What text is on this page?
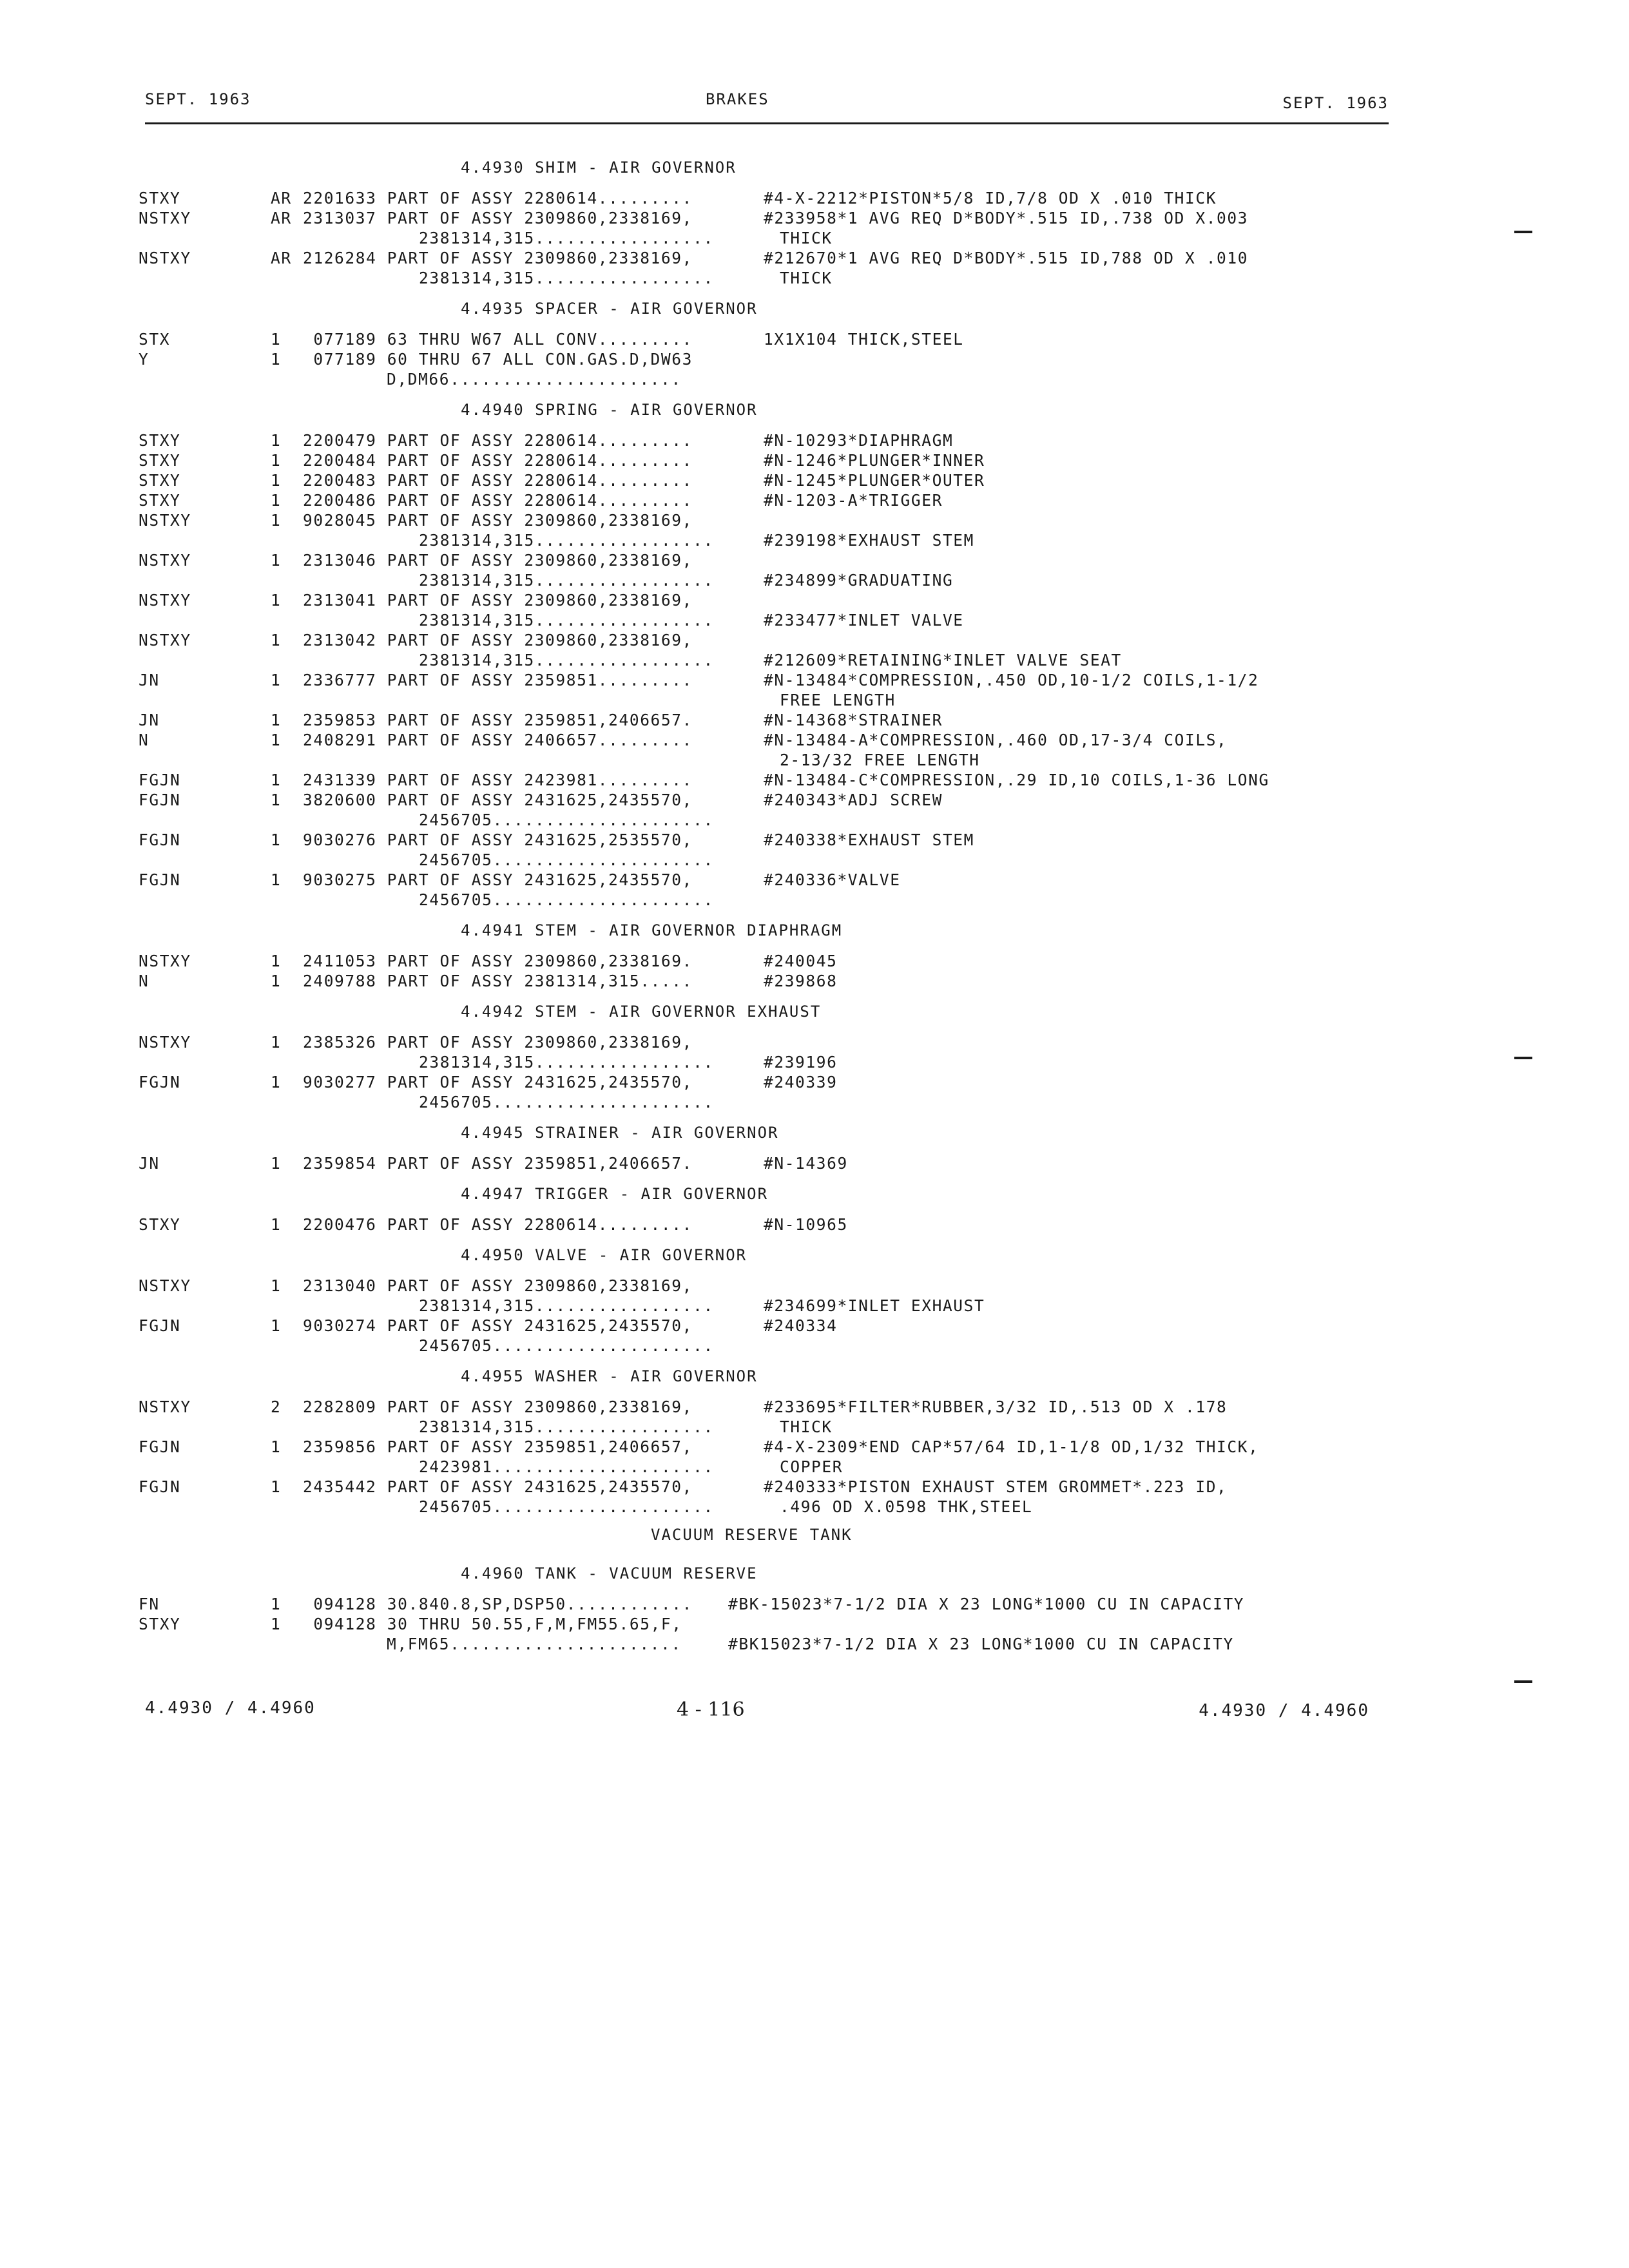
SEPT. 1963	BRAKES	SEPT. 1963
4.4930 SHIM - AIR GOVERNOR
STXY	AR 2201633 PART OF ASSY 2280614.........	#4-X-2212*PISTON*5/8 ID,7/8 OD X .010 THICK
NSTXY	AR 2313037 PART OF ASSY 2309860,2338169,	#233958*1 AVG REQ D*BODY*.515 ID,.738 OD X.003
2381314,315.................	THICK
NSTXY	AR 2126284 PART OF ASSY 2309860,2338169,	#212670*1 AVG REQ D*BODY*.515 ID,788 OD X .010
2381314,315.................	THICK
4.4935 SPACER - AIR GOVERNOR
STX	1 077189 63 THRU W67 ALL CONV.........	1X1X104 THICK,STEEL
Y	1 077189 60 THRU 67 ALL CON.GAS.D,DW63
D,DM66......................
4.4940 SPRING - AIR GOVERNOR
STXY	1 2200479 PART OF ASSY 2280614.........	#N-10293*DIAPHRAGM
STXY	1 2200484 PART OF ASSY 2280614.........	#N-1246*PLUNGER*INNER
STXY	1 2200483 PART OF ASSY 2280614.........	#N-1245*PLUNGER*OUTER
STXY	1 2200486 PART OF ASSY 2280614.........	#N-1203-A*TRIGGER
NSTXY	1 9028045 PART OF ASSY 2309860,2338169,
2381314,315.................	#239198*EXHAUST STEM
NSTXY	1 2313046 PART OF ASSY 2309860,2338169,
2381314,315.................	#234899*GRADUATING
NSTXY	1 2313041 PART OF ASSY 2309860,2338169,
2381314,315.................	#233477*INLET VALVE
NSTXY	1 2313042 PART OF ASSY 2309860,2338169,
2381314,315.................	#212609*RETAINING*INLET VALVE SEAT
JN	1 2336777 PART OF ASSY 2359851.........	#N-13484*COMPRESSION,.450 OD,10-1/2 COILS,1-1/2
FREE LENGTH
JN	1 2359853 PART OF ASSY 2359851,2406657.	#N-14368*STRAINER
N	1 2408291 PART OF ASSY 2406657.........	#N-13484-A*COMPRESSION,.460 OD,17-3/4 COILS,
2-13/32 FREE LENGTH
FGJN	1 2431339 PART OF ASSY 2423981.........	#N-13484-C*COMPRESSION,.29 ID,10 COILS,1-36 LONG
FGJN	1 3820600 PART OF ASSY 2431625,2435570,	#240343*ADJ SCREW
2456705.....................
FGJN	1 9030276 PART OF ASSY 2431625,2535570,	#240338*EXHAUST STEM
2456705.....................
FGJN	1 9030275 PART OF ASSY 2431625,2435570,	#240336*VALVE
2456705.....................
4.4941 STEM - AIR GOVERNOR DIAPHRAGM
NSTXY	1 2411053 PART OF ASSY 2309860,2338169.	#240045
N	1 2409788 PART OF ASSY 2381314,315.....	#239868
4.4942 STEM - AIR GOVERNOR EXHAUST
NSTXY	1 2385326 PART OF ASSY 2309860,2338169,
2381314,315.................	#239196
FGJN	1 9030277 PART OF ASSY 2431625,2435570,	#240339
2456705.....................
4.4945 STRAINER - AIR GOVERNOR
JN	1 2359854 PART OF ASSY 2359851,2406657.	#N-14369
4.4947 TRIGGER - AIR GOVERNOR
STXY	1 2200476 PART OF ASSY 2280614.........	#N-10965
4.4950 VALVE - AIR GOVERNOR
NSTXY	1 2313040 PART OF ASSY 2309860,2338169,
2381314,315.................	#234699*INLET EXHAUST
FGJN	1 9030274 PART OF ASSY 2431625,2435570,	#240334
2456705.....................
4.4955 WASHER - AIR GOVERNOR
NSTXY	2 2282809 PART OF ASSY 2309860,2338169,	#233695*FILTER*RUBBER,3/32 ID,.513 OD X .178
2381314,315.................	THICK
FGJN	1 2359856 PART OF ASSY 2359851,2406657,	#4-X-2309*END CAP*57/64 ID,1-1/8 OD,1/32 THICK,
2423981.....................	COPPER
FGJN	1 2435442 PART OF ASSY 2431625,2435570,	#240333*PISTON EXHAUST STEM GROMMET*.223 ID,
2456705.....................	.496 OD X.0598 THK,STEEL
VACUUM RESERVE TANK
4.4960 TANK - VACUUM RESERVE
FN	1 094128 30.840.8,SP,DSP50............ #BK-15023*7-1/2 DIA X 23 LONG*1000 CU IN CAPACITY
STXY	1 094128 30 THRU 50.55,F,M,FM55.65,F,
M,FM65......................	#BK15023*7-1/2 DIA X 23 LONG*1000 CU IN CAPACITY
4.4930 / 4.4960	4 - 116	4.4930 / 4.4960
